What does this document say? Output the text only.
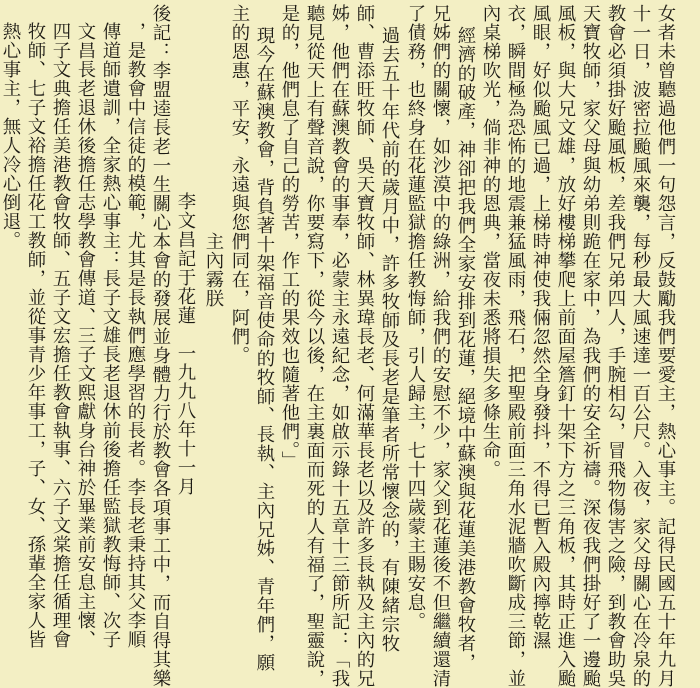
女者未曾聽過他們一句怨言，反鼓勵我們要愛主，熱心事主。記得民國五十年九月
十一日，波密拉颱風來襲，每秒最大風速達一百公尺。入夜，家父母關心在冷泉的
教會必須掛好颱風板，差我們兄弟四人，手腕相勾，冒飛物傷害之險，到教會助吳
天寶牧師，家父母與幼弟則跪在家中，為我們的安全祈禱。深夜我們掛好了一邊颱
風板，與大兄文雄，放好樓梯攀爬上前面屋簷釘十架下方之三角板，其時正進入颱
風眼，好似颱風已過，上梯時神使我倆忽然全身發抖，不得已暫入殿內擰乾濕
衣，瞬間極為恐怖的地震兼猛風雨，飛石，把聖殿前面三角水泥牆吹斷成三節，並
內桌梯吹光，倘非神的恩典，當夜未悉將損失多條生命。
經濟的破產，神卻把我們全家安排到花蓮，絕境中蘇澳與花蓮美港教會牧者，
兄姊們的關懷，如沙漠中的綠洲，給我們的安慰不少，家父到花蓮後不但繼續還清
了債務，也終身在花蓮監獄擔任教悔師，引人歸主，七十四歲蒙主賜安息。
過去五十年代前的歲月中，許多牧師及長老是筆者所常懷念的，有陳緒宗牧
師、曹添旺牧師、吳天寶牧師、林異瑋長老、何滿華長老以及許多長執及主內的兄
姊，他們在蘇澳教會的事奉，必蒙主永遠紀念，如啟示錄十五章十三節所記：「我
聽見從天上有聲音說，你要寫下，從今以後，在主裏面而死的人有福了，聖靈說，
是的，他們息了自己的勞苦，作工的果效也隨著他們。」
現今在蘇澳教會，背負著十架福音使命的牧師、長執、主內兄姊、青年們，願
主的恩惠，平安，永遠與您們同在，阿們。
主內霧朕
李文昌記于花蓮　一九九八年十一月
後記：李盟逵長老一生關心本會的發展並身體力行於教會各項事工中，而自得其樂
，是教會中信徒的模範，尤其是長執們應學習的長者。李長老秉持其父李順
傳道師遺訓，全家熱心事主：長子文雄長老退休前後擔任監獄教悔師、次子
文昌長老退休後擔任志學教會傳道、三子文熙獻身台神於畢業前安息主懷、
四子文典擔任美港教會牧師、五子文宏擔任教會執事、六子文棠擔任循理會
牧師、七子文裕擔任花工教師，並從事青少年事工，子、女、孫輩全家人皆
熱心事主，無人冷心倒退。
